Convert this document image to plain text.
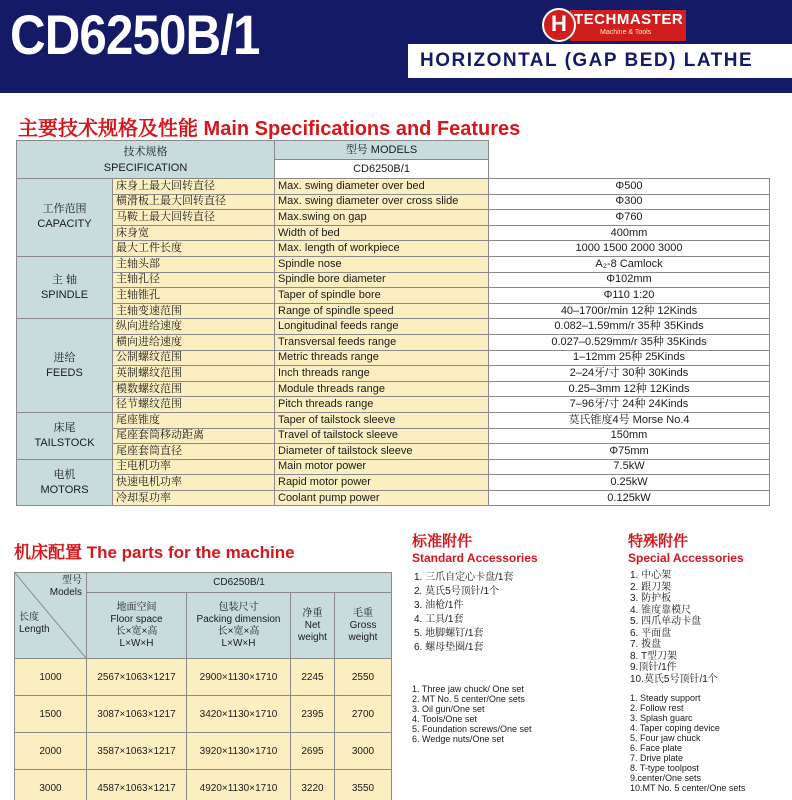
CD6250B/1	HORIZONTAL (GAP BED) LATHE
H TECHMASTER
Machine & Tools
主要技术规格及性能 Main Specifications and Features
技术规格
SPECIFICATION		型号 MODELS	
		CD6250B/1	

工作范围
CAPACITY	床身上最大回转直径	Max. swing diameter over bed	Φ500
	横滑板上最大回转直径	Max. swing diameter over cross slide	Φ300
	马鞍上最大回转直径	Max.swing on gap	Φ760
	床身宽	Width of bed	400mm
	最大工件长度	Max. length of workpiece	1000 1500 2000 3000

主 轴
SPINDLE	主轴头部	Spindle nose	A₂-8 Camlock
	主轴孔径	Spindle bore diameter	Φ102mm
	主轴锥孔	Taper of spindle bore	Φ110 1:20
	主轴变速范围	Range of spindle speed	40–1700r/min 12种 12Kinds

进给
FEEDS	纵向进给速度	Longitudinal feeds range	0.082–1.59mm/r 35种 35Kinds
	横向进给速度	Transversal feeds range	0.027–0.529mm/r 35种 35Kinds
	公制螺纹范围	Metric threads range	1–12mm 25种 25Kinds
	英制螺纹范围	Inch threads range	2–24牙/寸 30种 30Kinds
	模数螺纹范围	Module threads range	0.25–3mm 12种 12Kinds
	径节螺纹范围	Pitch threads range	7–96牙/寸 24种 24Kinds

床尾
TAILSTOCK	尾座锥度	Taper of tailstock sleeve	莫氏锥度4号 Morse No.4
	尾座套筒移动距离	Travel of tailstock sleeve	150mm
	尾座套筒直径	Diameter of tailstock sleeve	Φ75mm

电机
MOTORS	主电机功率	Main motor power	7.5kW
	快速电机功率	Rapid motor power	0.25kW
	冷却泵功率	Coolant pump power	0.125kW
机床配置 The parts for the machine
型号
Models
长度
Length	CD6250B/1			
	地面空间
Floor space
长×宽×高
L×W×H	包装尺寸
Packing dimension
长×宽×高
L×W×H	净重
Net
weight	毛重
Gross
weight
1000	2567×1063×1217	2900×1130×1710	2245	2550
1500	3087×1063×1217	3420×1130×1710	2395	2700
2000	3587×1063×1217	3920×1130×1710	2695	3000
3000	4587×1063×1217	4920×1130×1710	3220	3550
标准附件
Standard Accessories
1. 三爪自定心卡盘/1套
2. 莫氏5号顶针/1个
3. 油枪/1件
4. 工具/1套
5. 地脚螺钉/1套
6. 螺母垫圈/1套
1. Three jaw chuck/ One set
2. MT No. 5 center/One sets
3. Oil gun/One set
4. Tools/One set
5. Foundation screws/One set
6. Wedge nuts/One set
特殊附件
Special Accessories
1. 中心架
2. 跟刀架
3. 防护板
4. 锥度靠模尺
5. 四爪单动卡盘
6. 平面盘
7. 拨盘
8. T型刀架
9.顶针/1件
10.莫氏5号顶针/1个
1. Steady support
2. Follow rest
3. Splash guarc
4. Taper coping device
5. Four jaw chuck
6. Face plate
7. Drive plate
8. T-type toolpost
9.center/One sets
10.MT No. 5 center/One sets
